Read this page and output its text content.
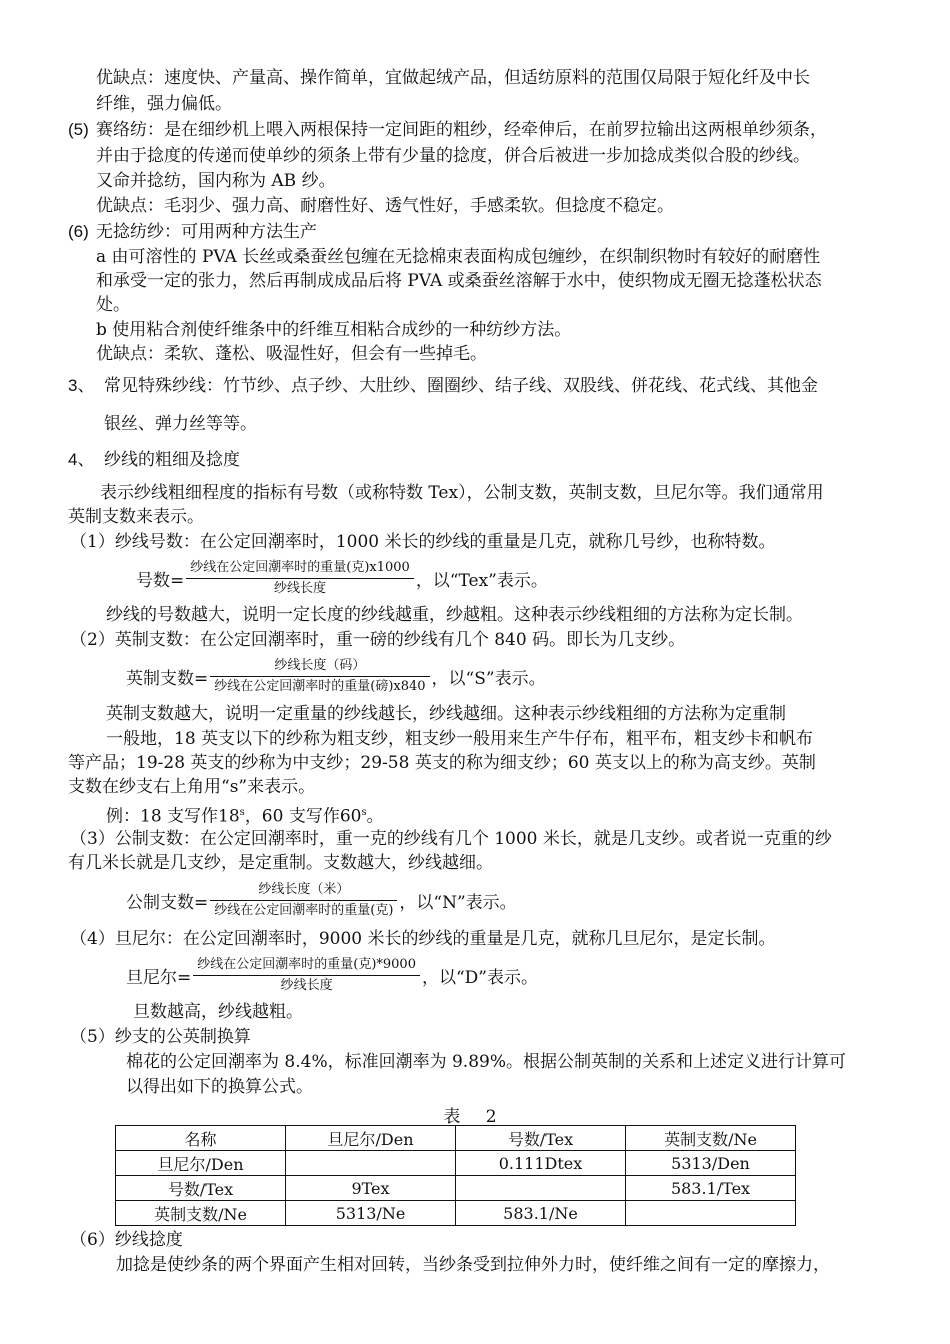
优缺点：速度快、产量高、操作简单，宜做起绒产品，但适纺原料的范围仅局限于短化纤及中长
纤维，强力偏低。
(5) 赛络纺：是在细纱机上喂入两根保持一定间距的粗纱，经牵伸后，在前罗拉输出这两根单纱须条，
并由于捻度的传递而使单纱的须条上带有少量的捻度，併合后被进一步加捻成类似合股的纱线。
又命并捻纺，国内称为 AB 纱。
优缺点：毛羽少、强力高、耐磨性好、透气性好，手感柔软。但捻度不稳定。
(6) 无捻纺纱：可用两种方法生产
a 由可溶性的 PVA 长丝或桑蚕丝包缠在无捻棉束表面构成包缠纱，在织制织物时有较好的耐磨性
和承受一定的张力，然后再制成成品后将 PVA 或桑蚕丝溶解于水中，使织物成无圈无捻蓬松状态
处。
b 使用粘合剂使纤维条中的纤维互相粘合成纱的一种纺纱方法。
优缺点：柔软、蓬松、吸湿性好，但会有一些掉毛。
3、 常见特殊纱线：竹节纱、点子纱、大肚纱、圈圈纱、结子线、双股线、併花线、花式线、其他金
银丝、弹力丝等等。
4、 纱线的粗细及捻度
表示纱线粗细程度的指标有号数（或称特数 Tex），公制支数，英制支数，旦尼尔等。我们通常用
英制支数来表示。
（1）纱线号数：在公定回潮率时，1000 米长的纱线的重量是几克，就称几号纱，也称特数。
号数=
纱线在公定回潮率时的重量(克)x1000
纱线长度	，以“Tex”表示。
纱线的号数越大，说明一定长度的纱线越重，纱越粗。这种表示纱线粗细的方法称为定长制。
（2）英制支数：在公定回潮率时，重一磅的纱线有几个 840 码。即长为几支纱。
英制支数=
纱线长度（码）
纱线在公定回潮率时的重量(磅)x840 ，以“S”表示。
英制支数越大，说明一定重量的纱线越长，纱线越细。这种表示纱线粗细的方法称为定重制
一般地，18 英支以下的纱称为粗支纱，粗支纱一般用来生产牛仔布，粗平布，粗支纱卡和帆布
等产品；19-28 英支的纱称为中支纱；29-58 英支的称为细支纱；60 英支以上的称为高支纱。英制
支数在纱支右上角用“s”来表示。
例：18 支写作18$^s$，60 支写作60$^s$。
（3）公制支数：在公定回潮率时，重一克的纱线有几个 1000 米长，就是几支纱。或者说一克重的纱
有几米长就是几支纱，是定重制。支数越大，纱线越细。
公制支数=
纱线长度（米）
纱线在公定回潮率时的重量(克) ，以“N”表示。
（4）旦尼尔：在公定回潮率时，9000 米长的纱线的重量是几克，就称几旦尼尔，是定长制。
旦尼尔=
纱线在公定回潮率时的重量(克)*9000
纱线长度	，以“D”表示。
旦数越高，纱线越粗。
（5）纱支的公英制换算
棉花的公定回潮率为 8.4%，标准回潮率为 9.89%。根据公制英制的关系和上述定义进行计算可
以得出如下的换算公式。
表 2
名称	旦尼尔/Den	号数/Tex	英制支数/Ne
旦尼尔/Den		0.111Dtex	5313/Den
号数/Tex	9Tex		583.1/Tex
英制支数/Ne	5313/Ne	583.1/Ne	
（6）纱线捻度
加捻是使纱条的两个界面产生相对回转，当纱条受到拉伸外力时，使纤维之间有一定的摩擦力，
